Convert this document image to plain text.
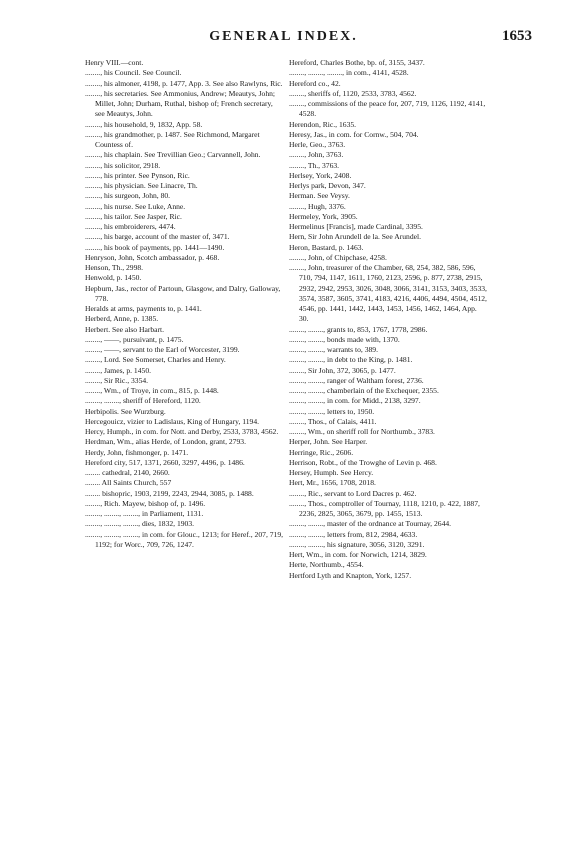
GENERAL INDEX.	1653

Henry VIII.—cont.

........, his Council. See Council.

........, his almoner, 4198, p. 1477, App. 3. See also Rawlyns, Ric.

........, his secretaries. See Ammonius, Andrew; Meautys, John; Millet, John; Durham, Ruthal, bishop of; French secretary, see Meautys, John.

........, his household, 9, 1832, App. 58.

........, his grandmother, p. 1487. See Richmond, Margaret Countess of.

........, his chaplain. See Trevillian Geo.; Carvannell, John.

........, his solicitor, 2918.

........, his printer. See Pynson, Ric.

........, his physician. See Linacre, Th.

........, his surgeon, John, 80.

........, his nurse. See Luke, Anne.

........, his tailor. See Jasper, Ric.

........, his embroiderers, 4474.

........, his barge, account of the master of, 3471.

........, his book of payments, pp. 1441—1490.

Henryson, John, Scotch ambassador, p. 468.

Henson, Th., 2998.

Henwold, p. 1450.

Hepburn, Jas., rector of Partoun, Glasgow, and Dalry, Galloway, 778.

Heralds at arms, payments to, p. 1441.

Herberd, Anne, p. 1385.

Herbert. See also Harbart.

........, ——, pursuivant, p. 1475.

........, ——, servant to the Earl of Worcester, 3199.

........, Lord. See Somerset, Charles and Henry.

........, James, p. 1450.

........, Sir Ric., 3354.

........, Wm., of Troye, in com., 815, p. 1448.

........, ........, sheriff of Hereford, 1120.

Herbipolis. See Wurzburg.

Hercegouicz, vizier to Ladislaus, King of Hungary, 1194.

Hercy, Humph., in com. for Nott. and Derby, 2533, 3783, 4562.

Herdman, Wm., alias Herde, of London, grant, 2793.

Herdy, John, fishmonger, p. 1471.

Hereford city, 517, 1371, 2660, 3297, 4496, p. 1486.

........ cathedral, 2140, 2660.

........ All Saints Church, 557

........ bishopric, 1903, 2199, 2243, 2944, 3085, p. 1488.

........, Rich. Mayew, bishop of, p. 1496.

........, ........, ........, in Parliament, 1131.

........, ........, ........, dies, 1832, 1903.

........, ........, ........, in com. for Glouc., 1213; for Heref., 207, 719, 1192; for Worc., 709, 726, 1247.

Hereford, Charles Bothe, bp. of, 3155, 3437.

........, ........, ........, in com., 4141, 4528.

Hereford co., 42.

........, sheriffs of, 1120, 2533, 3783, 4562.

........, commissions of the peace for, 207, 719, 1126, 1192, 4141, 4528.

Herendon, Ric., 1635.

Heresy, Jas., in com. for Cornw., 504, 704.

Herle, Geo., 3763.

........, John, 3763.

........, Th., 3763.

Herlsey, York, 2408.

Herlys park, Devon, 347.

Herman. See Veysy.

........, Hugh, 3376.

Hermeley, York, 3905.

Hermelinus [Francis], made Cardinal, 3395.

Hern, Sir John Arundell de la. See Arundel.

Heron, Bastard, p. 1463.

........, John, of Chipchase, 4258.

........, John, treasurer of the Chamber, 68, 254, 382, 586, 596, 710, 794, 1147, 1611, 1760, 2123, 2596, p. 877, 2738, 2915, 2932, 2942, 2953, 3026, 3048, 3066, 3141, 3153, 3403, 3533, 3574, 3587, 3605, 3741, 4183, 4216, 4406, 4494, 4504, 4512, 4546, pp. 1441, 1442, 1443, 1453, 1456, 1462, 1464, App. 30.

........, ........, grants to, 853, 1767, 1778, 2986.

........, ........, bonds made with, 1370.

........, ........, warrants to, 389.

........, ........, in debt to the King, p. 1481.

........, Sir John, 372, 3065, p. 1477.

........, ........, ranger of Waltham forest, 2736.

........, ........, chamberlain of the Exchequer, 2355.

........, ........, in com. for Midd., 2138, 3297.

........, ........, letters to, 1950.

........, Thos., of Calais, 4411.

........, Wm., on sheriff roll for Northumb., 3783.

Herper, John. See Harper.

Herringe, Ric., 2606.

Herrison, Robt., of the Trowghe of Levin p. 468.

Hersey, Humph. See Hercy.

Hert, Mr., 1656, 1708, 2018.

........, Ric., servant to Lord Dacres p. 462.

........, Thos., comptroller of Tournay, 1118, 1210, p. 422, 1887, 2236, 2825, 3065, 3679, pp. 1455, 1513.

........, ........, master of the ordnance at Tournay, 2644.

........, ........, letters from, 812, 2984, 4633.

........, ........, his signature, 3056, 3120, 3291.

Hert, Wm., in com. for Norwich, 1214, 3829.

Herte, Northumb., 4554.

Hertford Lyth and Knapton, York, 1257.
